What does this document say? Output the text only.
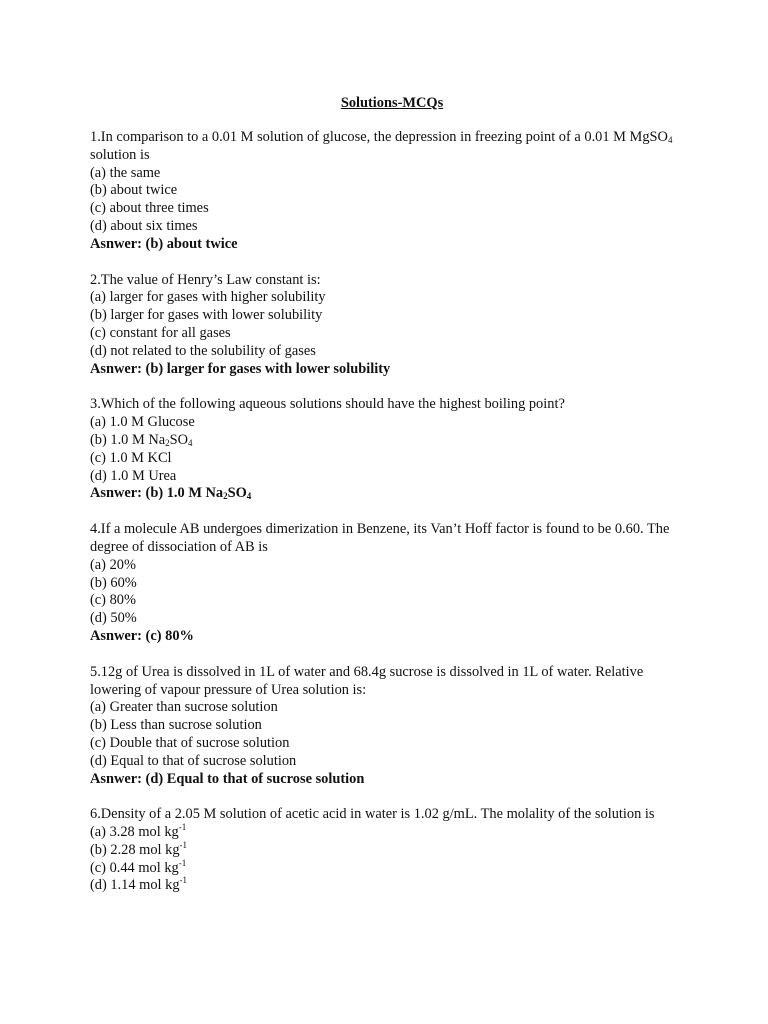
Solutions-MCQs
1.In comparison to a 0.01 M solution of glucose, the depression in freezing point of a 0.01 M MgSO$_4$ solution is
(a) the same
(b) about twice
(c) about three times
(d) about six times
Asnwer: (b) about twice
2.The value of Henry’s Law constant is:
(a) larger for gases with higher solubility
(b) larger for gases with lower solubility
(c) constant for all gases
(d) not related to the solubility of gases
Asnwer: (b) larger for gases with lower solubility
3.Which of the following aqueous solutions should have the highest boiling point?
(a) 1.0 M Glucose
(b) 1.0 M $Na_2SO_4$
(c) 1.0 M KCl
(d) 1.0 M Urea
Asnwer: (b) 1.0 M $Na_2SO_4$
4.If a molecule AB undergoes dimerization in Benzene, its Van’t Hoff factor is found to be 0.60. The degree of dissociation of AB is
(a) 20%
(b) 60%
(c) 80%
(d) 50%
Asnwer: (c) 80%
5.12g of Urea is dissolved in 1L of water and 68.4g sucrose is dissolved in 1L of water. Relative lowering of vapour pressure of Urea solution is:
(a) Greater than sucrose solution
(b) Less than sucrose solution
(c) Double that of sucrose solution
(d) Equal to that of sucrose solution
Asnwer: (d) Equal to that of sucrose solution
6.Density of a 2.05 M solution of acetic acid in water is 1.02 g/mL. The molality of the solution is
(a) 3.28 mol $kg^{-1}$
(b) 2.28 mol $kg^{-1}$
(c) 0.44 mol $kg^{-1}$
(d) 1.14 mol $kg^{-1}$
